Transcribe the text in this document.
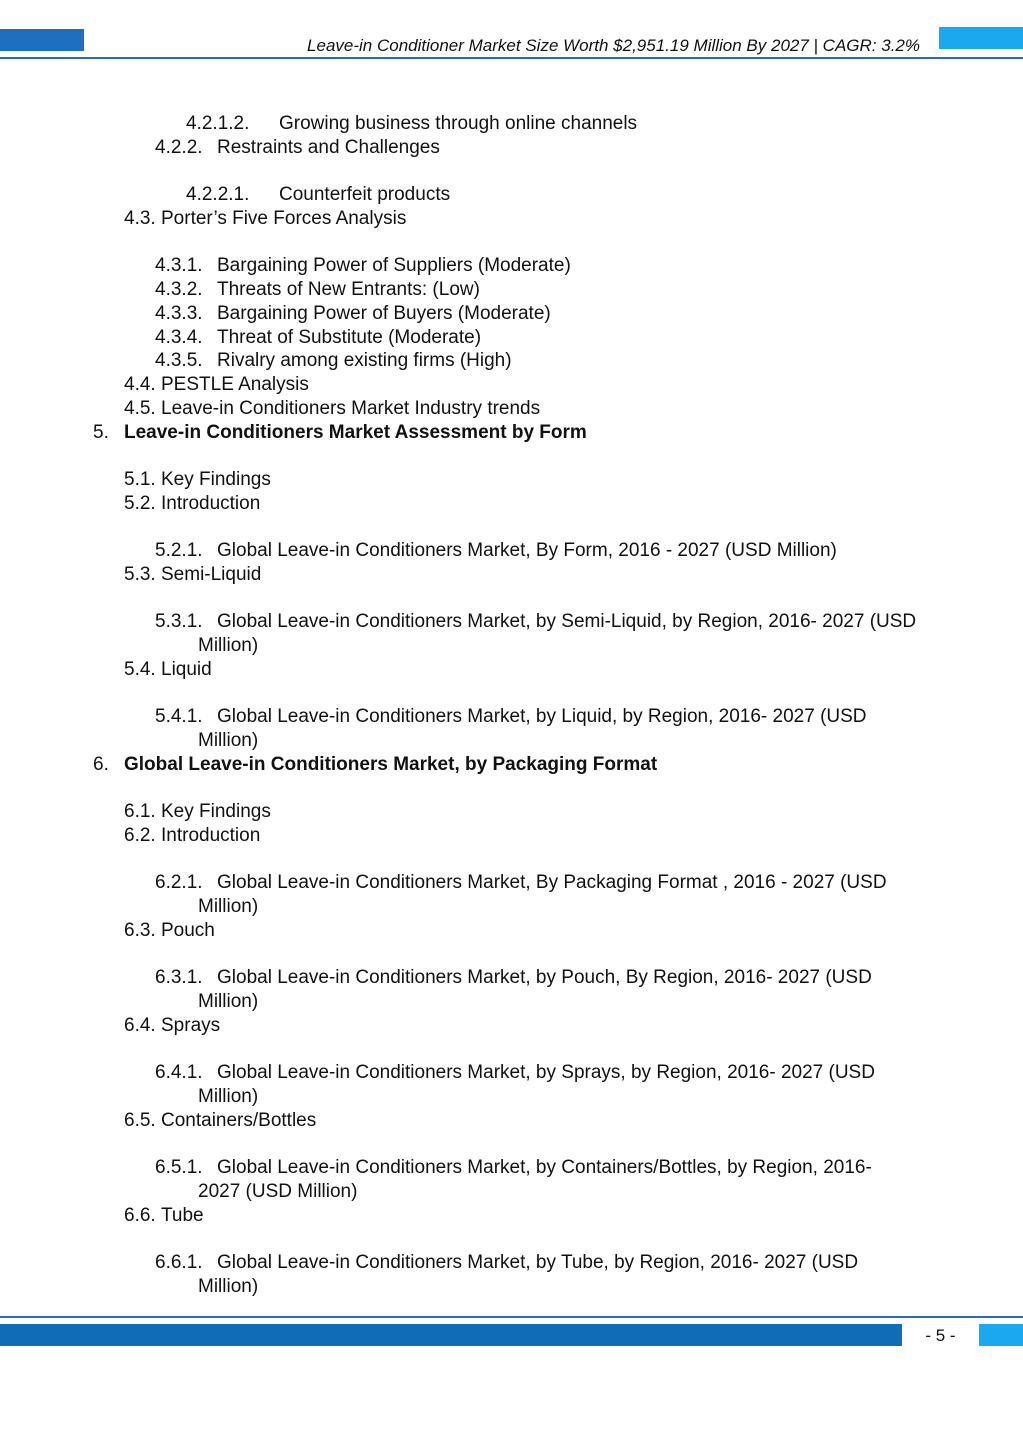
Leave-in Conditioner Market Size Worth $2,951.19 Million By 2027 | CAGR: 3.2%
4.2.1.2. Growing business through online channels
4.2.2. Restraints and Challenges
4.2.2.1. Counterfeit products
4.3. Porter’s Five Forces Analysis
4.3.1. Bargaining Power of Suppliers (Moderate)
4.3.2. Threats of New Entrants: (Low)
4.3.3. Bargaining Power of Buyers (Moderate)
4.3.4. Threat of Substitute (Moderate)
4.3.5. Rivalry among existing firms (High)
4.4. PESTLE Analysis
4.5. Leave-in Conditioners Market Industry trends
5. Leave-in Conditioners Market Assessment by Form
5.1. Key Findings
5.2. Introduction
5.2.1. Global Leave-in Conditioners Market, By Form, 2016 - 2027 (USD Million)
5.3. Semi-Liquid
5.3.1. Global Leave-in Conditioners Market, by Semi-Liquid, by Region, 2016- 2027 (USD
Million)
5.4. Liquid
5.4.1. Global Leave-in Conditioners Market, by Liquid, by Region, 2016- 2027 (USD
Million)
6. Global Leave-in Conditioners Market, by Packaging Format
6.1. Key Findings
6.2. Introduction
6.2.1. Global Leave-in Conditioners Market, By Packaging Format , 2016 - 2027 (USD
Million)
6.3. Pouch
6.3.1. Global Leave-in Conditioners Market, by Pouch, By Region, 2016- 2027 (USD
Million)
6.4. Sprays
6.4.1. Global Leave-in Conditioners Market, by Sprays, by Region, 2016- 2027 (USD
Million)
6.5. Containers/Bottles
6.5.1. Global Leave-in Conditioners Market, by Containers/Bottles, by Region, 2016-
2027 (USD Million)
6.6. Tube
6.6.1. Global Leave-in Conditioners Market, by Tube, by Region, 2016- 2027 (USD
Million)
- 5 -
